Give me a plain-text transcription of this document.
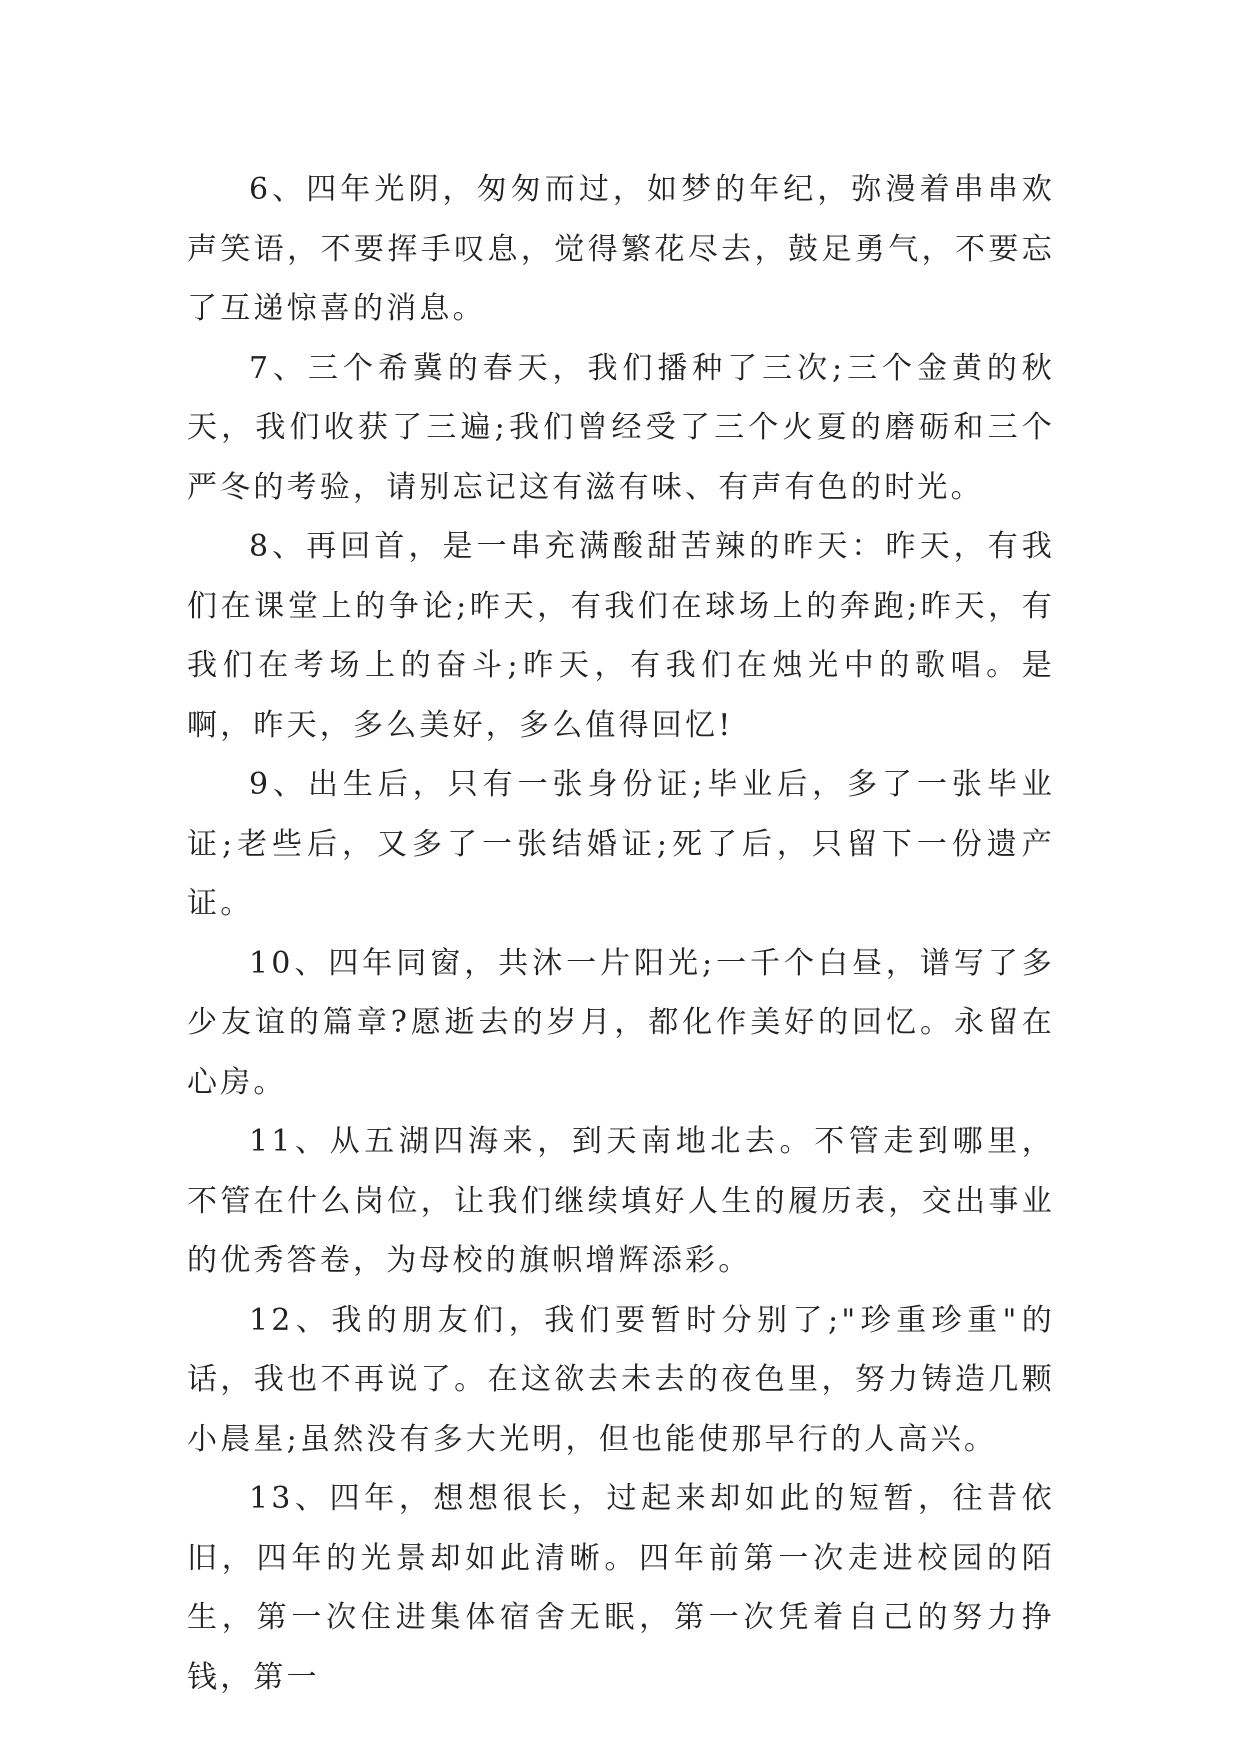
6、四年光阴，匆匆而过，如梦的年纪，弥漫着串串欢声笑语，不要挥手叹息，觉得繁花尽去，鼓足勇气，不要忘了互递惊喜的消息。

7、三个希冀的春天，我们播种了三次;三个金黄的秋天，我们收获了三遍;我们曾经受了三个火夏的磨砺和三个严冬的考验，请别忘记这有滋有味、有声有色的时光。

8、再回首，是一串充满酸甜苦辣的昨天：昨天，有我们在课堂上的争论;昨天，有我们在球场上的奔跑;昨天，有我们在考场上的奋斗;昨天，有我们在烛光中的歌唱。是啊，昨天，多么美好，多么值得回忆!

9、出生后，只有一张身份证;毕业后，多了一张毕业证;老些后，又多了一张结婚证;死了后，只留下一份遗产证。

10、四年同窗，共沐一片阳光;一千个白昼，谱写了多少友谊的篇章?愿逝去的岁月，都化作美好的回忆。永留在心房。

11、从五湖四海来，到天南地北去。不管走到哪里，不管在什么岗位，让我们继续填好人生的履历表，交出事业的优秀答卷，为母校的旗帜增辉添彩。

12、我的朋友们，我们要暂时分别了;"珍重珍重"的话，我也不再说了。在这欲去未去的夜色里，努力铸造几颗小晨星;虽然没有多大光明，但也能使那早行的人高兴。

13、四年，想想很长，过起来却如此的短暂，往昔依旧，四年的光景却如此清晰。四年前第一次走进校园的陌生，第一次住进集体宿舍无眠，第一次凭着自己的努力挣钱，第一
